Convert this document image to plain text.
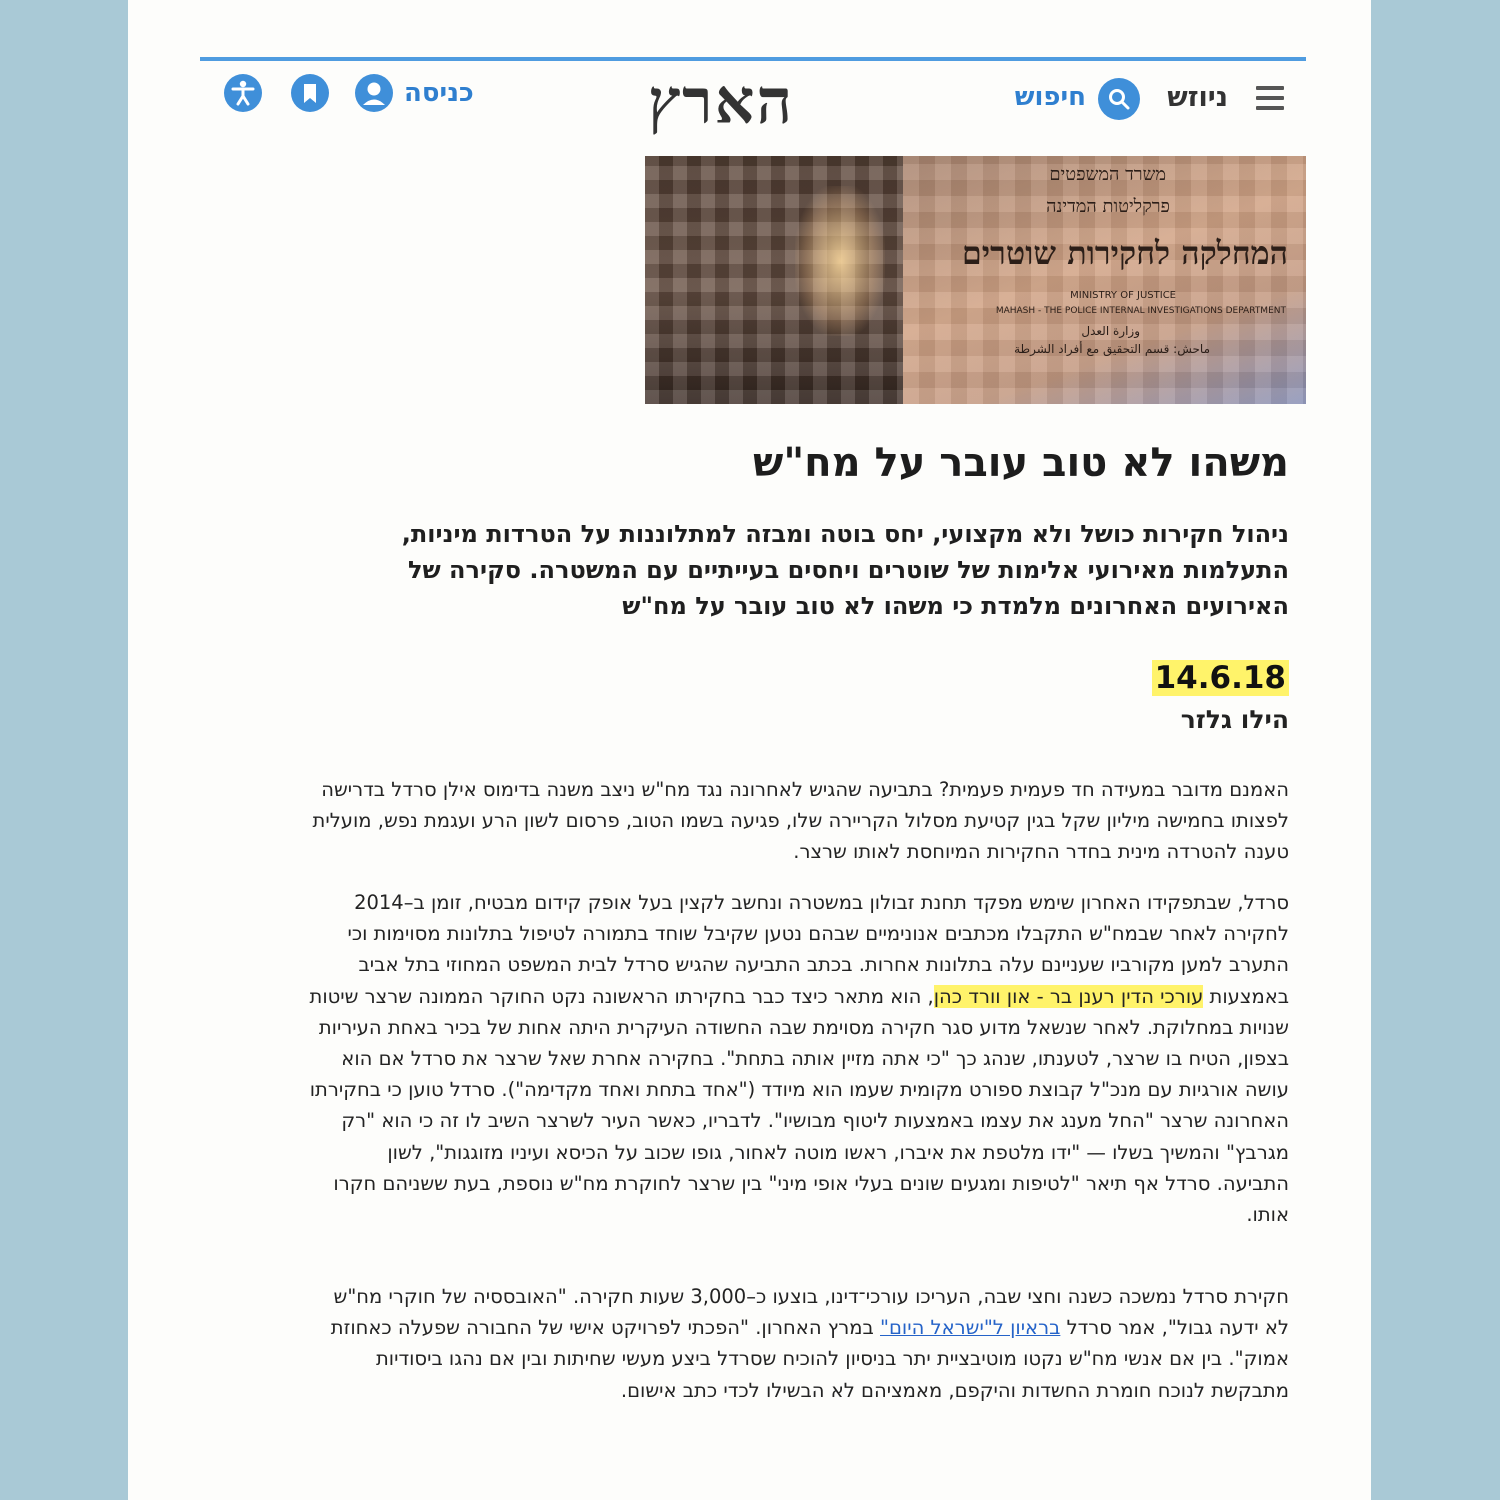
ניוזש
חיפוש
הארץ
כניסה
משרד המשפטים
פרקליטות המדינה
המחלקה לחקירות שוטרים
MINISTRY OF JUSTICE
MAHASH - THE POLICE INTERNAL INVESTIGATIONS DEPARTMENT
وزارة العدل
ماحش: قسم التحقيق مع أفراد الشرطة
משהו לא טוב עובר על מח"ש

ניהול חקירות כושל ולא מקצועי, יחס בוטה ומבזה למתלוננות על הטרדות מיניות, התעלמות מאירועי אלימות של שוטרים ויחסים בעייתיים עם המשטרה. סקירה של האירועים האחרונים מלמדת כי משהו לא טוב עובר על מח"ש

14.6.18
הילו גלזר

האמנם מדובר במעידה חד פעמית פעמית? בתביעה שהגיש לאחרונה נגד מח"ש ניצב משנה בדימוס אילן סרדל בדרישה לפצותו בחמישה מיליון שקל בגין קטיעת מסלול הקריירה שלו, פגיעה בשמו הטוב, פרסום לשון הרע ועגמת נפש, מועלית טענה להטרדה מינית בחדר החקירות המיוחסת לאותו שרצר.

סרדל, שבתפקידו האחרון שימש מפקד תחנת זבולון במשטרה ונחשב לקצין בעל אופק קידום מבטיח, זומן ב–2014 לחקירה לאחר שבמח"ש התקבלו מכתבים אנונימיים שבהם נטען שקיבל שוחד בתמורה לטיפול בתלונות מסוימות וכי התערב למען מקורביו שעניינם עלה בתלונות אחרות. בכתב התביעה שהגיש סרדל לבית המשפט המחוזי בתל אביב באמצעות עורכי הדין רענן בר - און וורד כהן, הוא מתאר כיצד כבר בחקירתו הראשונה נקט החוקר הממונה שרצר שיטות שנויות במחלוקת. לאחר שנשאל מדוע סגר חקירה מסוימת שבה החשודה העיקרית היתה אחות של בכיר באחת העיריות בצפון, הטיח בו שרצר, לטענתו, שנהג כך "כי אתה מזיין אותה בתחת". בחקירה אחרת שאל שרצר את סרדל אם הוא עושה אורגיות עם מנכ"ל קבוצת ספורט מקומית שעמו הוא מיודד ("אחד בתחת ואחד מקדימה"). סרדל טוען כי בחקירתו האחרונה שרצר "החל מענג את עצמו באמצעות ליטוף מבושיו". לדבריו, כאשר העיר לשרצר השיב לו זה כי הוא "רק מגרבץ" והמשיך בשלו — "ידו מלטפת את איברו, ראשו מוטה לאחור, גופו שכוב על הכיסא ועיניו מזוגגות", לשון התביעה. סרדל אף תיאר "לטיפות ומגעים שונים בעלי אופי מיני" בין שרצר לחוקרת מח"ש נוספת, בעת ששניהם חקרו אותו.

חקירת סרדל נמשכה כשנה וחצי שבה, העריכו עורכי־דינו, בוצעו כ–3,000 שעות חקירה. "האובססיה של חוקרי מח"ש לא ידעה גבול", אמר סרדל בראיון ל"ישראל היום" במרץ האחרון. "הפכתי לפרויקט אישי של החבורה שפעלה כאחוזת אמוק". בין אם אנשי מח"ש נקטו מוטיבציית יתר בניסיון להוכיח שסרדל ביצע מעשי שחיתות ובין אם נהגו ביסודיות מתבקשת לנוכח חומרת החשדות והיקפם, מאמציהם לא הבשילו לכדי כתב אישום.
